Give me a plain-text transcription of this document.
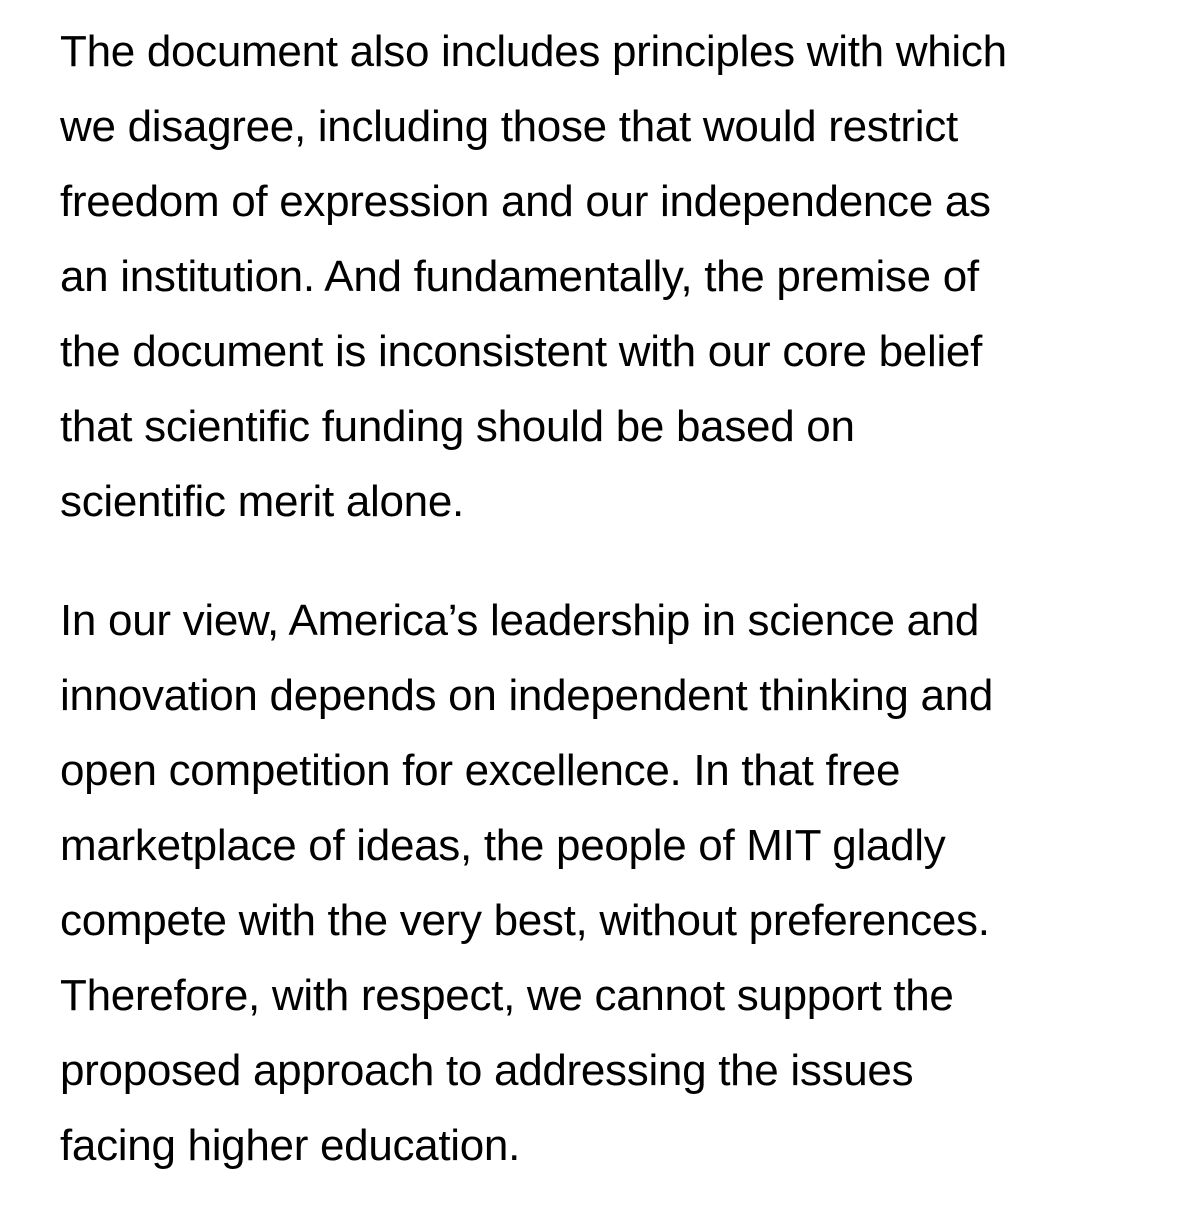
The document also includes principles with which
we disagree, including those that would restrict
freedom of expression and our independence as
an institution. And fundamentally, the premise of
the document is inconsistent with our core belief
that scientific funding should be based on
scientific merit alone.

In our view, America’s leadership in science and
innovation depends on independent thinking and
open competition for excellence. In that free
marketplace of ideas, the people of MIT gladly
compete with the very best, without preferences.
Therefore, with respect, we cannot support the
proposed approach to addressing the issues
facing higher education.
